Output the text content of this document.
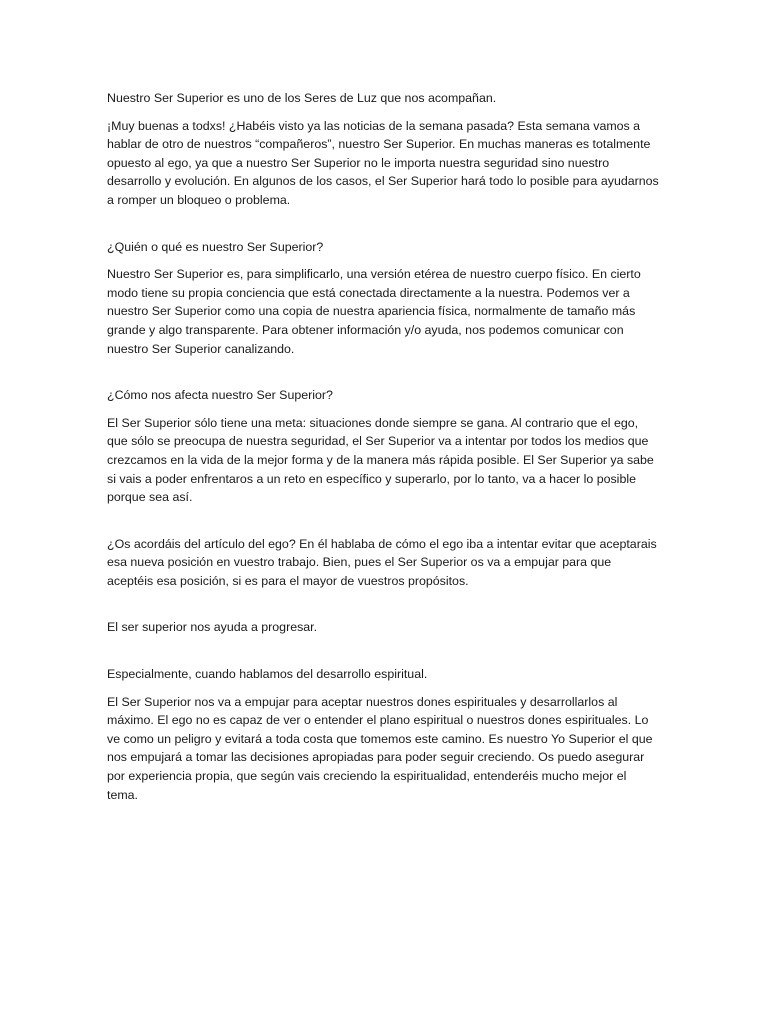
Nuestro Ser Superior es uno de los Seres de Luz que nos acompañan.

¡Muy buenas a todxs! ¿Habéis visto ya las noticias de la semana pasada? Esta semana vamos a
hablar de otro de nuestros “compañeros”, nuestro Ser Superior. En muchas maneras es totalmente
opuesto al ego, ya que a nuestro Ser Superior no le importa nuestra seguridad sino nuestro
desarrollo y evolución. En algunos de los casos, el Ser Superior hará todo lo posible para ayudarnos
a romper un bloqueo o problema.

¿Quién o qué es nuestro Ser Superior?

Nuestro Ser Superior es, para simplificarlo, una versión etérea de nuestro cuerpo físico. En cierto
modo tiene su propia conciencia que está conectada directamente a la nuestra. Podemos ver a
nuestro Ser Superior como una copia de nuestra apariencia física, normalmente de tamaño más
grande y algo transparente. Para obtener información y/o ayuda, nos podemos comunicar con
nuestro Ser Superior canalizando.

¿Cómo nos afecta nuestro Ser Superior?

El Ser Superior sólo tiene una meta: situaciones donde siempre se gana. Al contrario que el ego,
que sólo se preocupa de nuestra seguridad, el Ser Superior va a intentar por todos los medios que
crezcamos en la vida de la mejor forma y de la manera más rápida posible. El Ser Superior ya sabe
si vais a poder enfrentaros a un reto en específico y superarlo, por lo tanto, va a hacer lo posible
porque sea así.

¿Os acordáis del artículo del ego? En él hablaba de cómo el ego iba a intentar evitar que aceptarais
esa nueva posición en vuestro trabajo. Bien, pues el Ser Superior os va a empujar para que
aceptéis esa posición, si es para el mayor de vuestros propósitos.

El ser superior nos ayuda a progresar.

Especialmente, cuando hablamos del desarrollo espiritual.

El Ser Superior nos va a empujar para aceptar nuestros dones espirituales y desarrollarlos al
máximo. El ego no es capaz de ver o entender el plano espiritual o nuestros dones espirituales. Lo
ve como un peligro y evitará a toda costa que tomemos este camino. Es nuestro Yo Superior el que
nos empujará a tomar las decisiones apropiadas para poder seguir creciendo. Os puedo asegurar
por experiencia propia, que según vais creciendo la espiritualidad, entenderéis mucho mejor el
tema.
